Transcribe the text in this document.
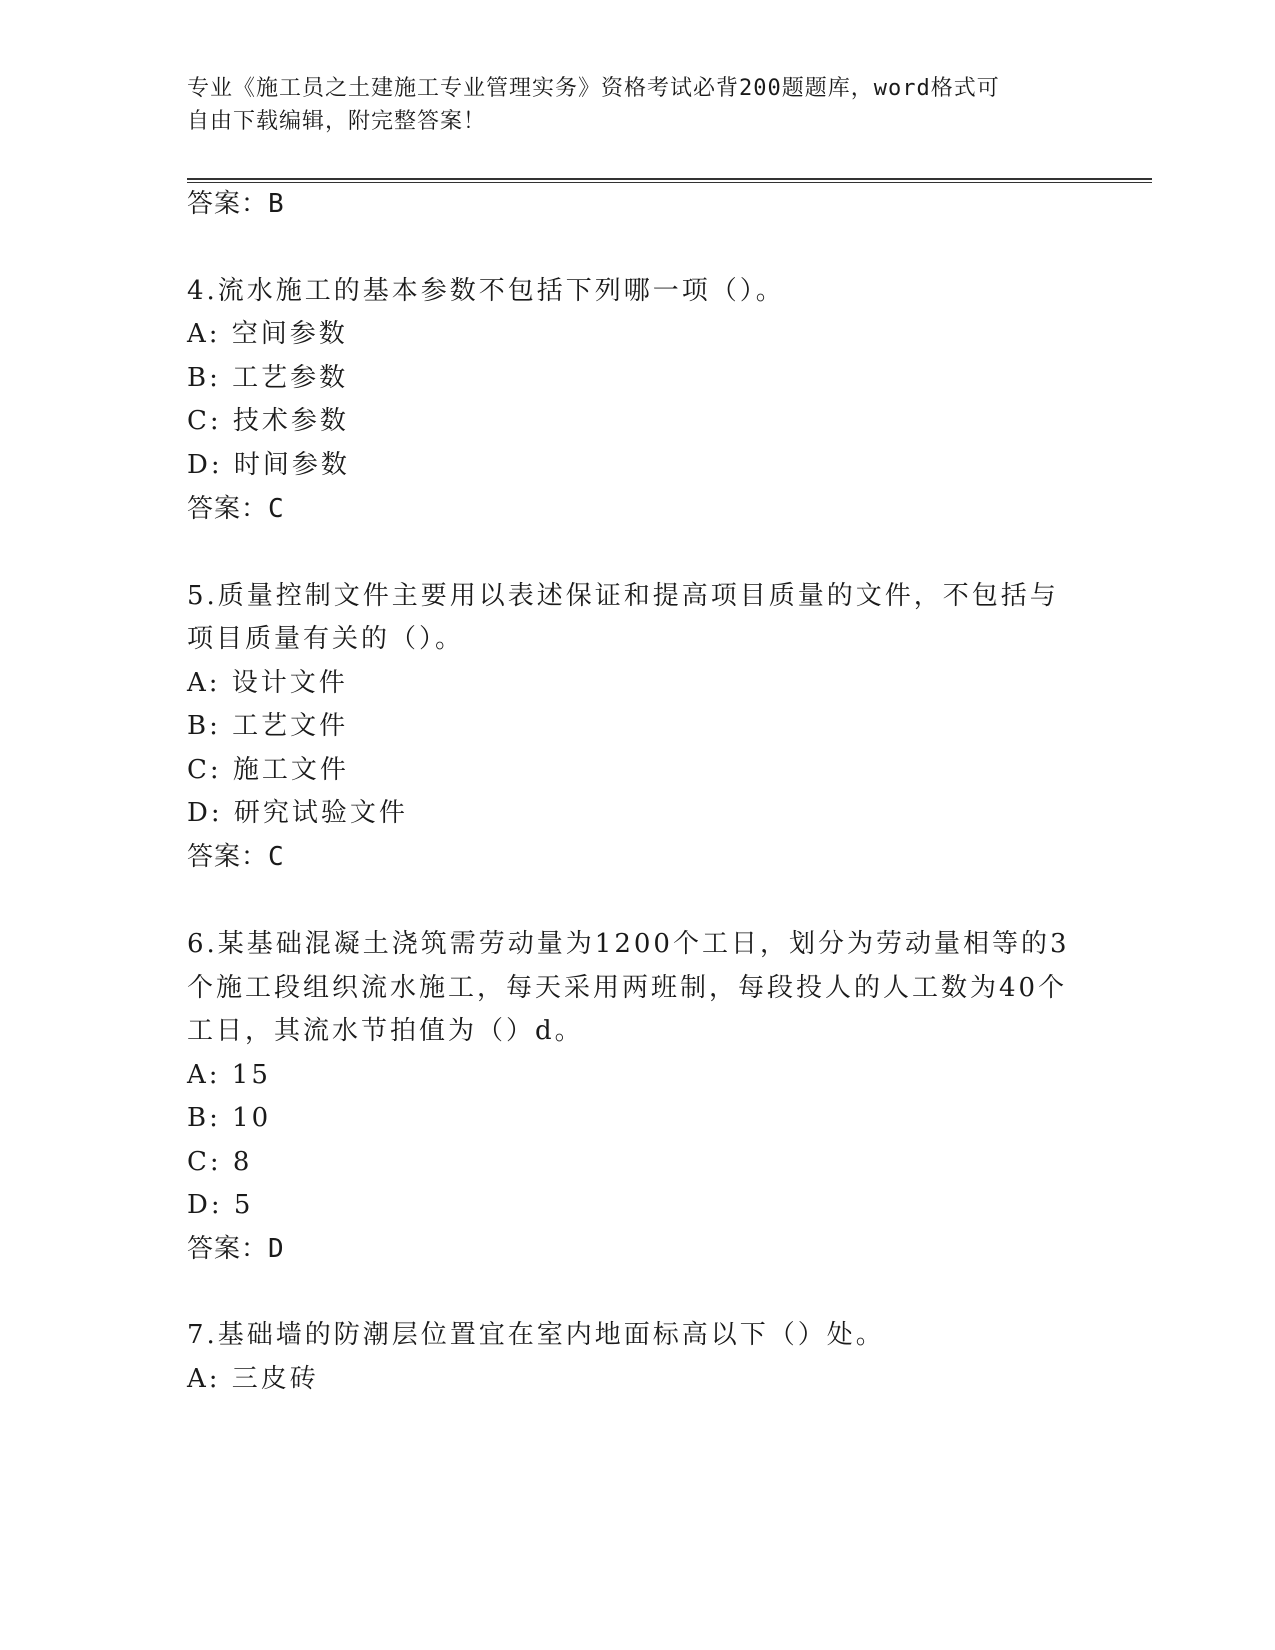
专业《施工员之土建施工专业管理实务》资格考试必背200题题库，word格式可
自由下载编辑，附完整答案！
答案：B
4.流水施工的基本参数不包括下列哪一项（）。
A: 空间参数
B: 工艺参数
C: 技术参数
D: 时间参数
答案：C
5.质量控制文件主要用以表述保证和提高项目质量的文件，不包括与
项目质量有关的（）。
A: 设计文件
B: 工艺文件
C: 施工文件
D: 研究试验文件
答案：C
6.某基础混凝土浇筑需劳动量为1200个工日，划分为劳动量相等的3
个施工段组织流水施工，每天采用两班制，每段投人的人工数为40个
工日，其流水节拍值为（）d。
A: 15
B: 10
C: 8
D: 5
答案：D
7.基础墙的防潮层位置宜在室内地面标高以下（）处。
A: 三皮砖
